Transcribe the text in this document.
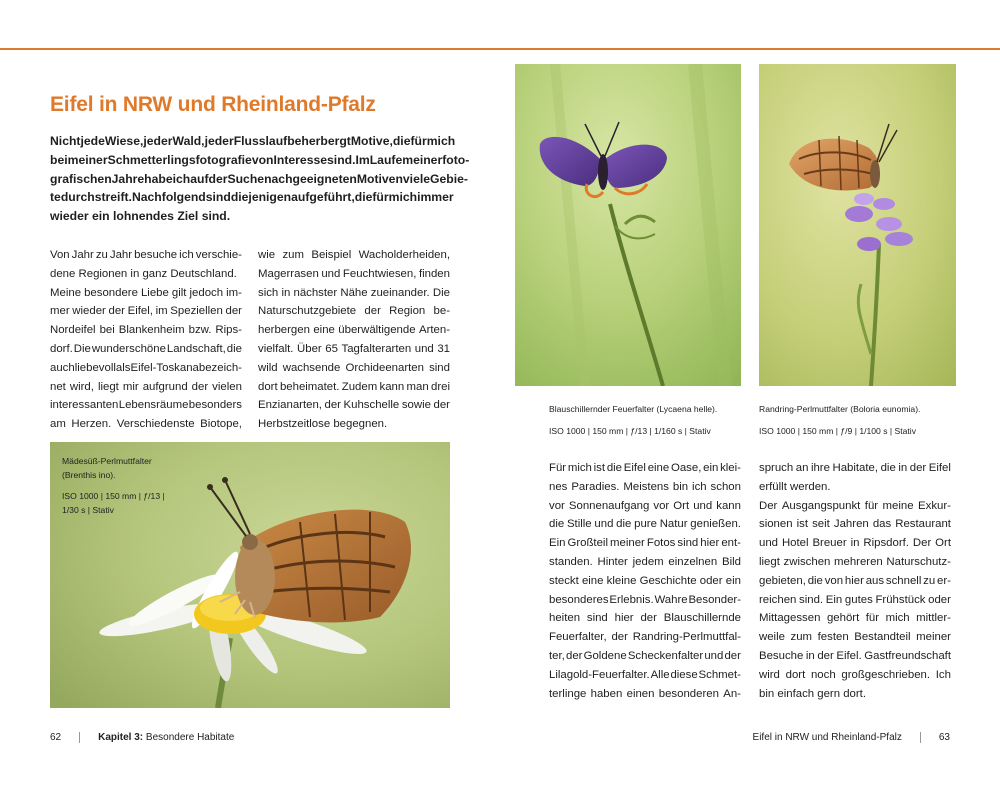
Eifel in NRW und Rheinland-Pfalz
Nicht jede Wiese, jeder Wald, jeder Flusslauf beherbergt Motive, die für mich
bei meiner Schmetterlingsfotografie von Interesse sind. Im Laufe meiner foto-
grafischen Jahre habe ich auf der Suche nach geeigneten Motiven viele Gebie-
te durchstreift. Nachfolgend sind diejenigen aufgeführt, die für mich immer
wieder ein lohnendes Ziel sind.
Von Jahr zu Jahr besuche ich verschie-
dene Regionen in ganz Deutschland.
Meine besondere Liebe gilt jedoch im-
mer wieder der Eifel, im Speziellen der
Nordeifel bei Blankenheim bzw. Rips-
dorf. Die wunderschöne Landschaft, die
auch liebevoll als Eifel-Toskana bezeich-
net wird, liegt mir aufgrund der vielen
interessanten Lebensräume besonders
am Herzen. Verschiedenste Biotope,
wie zum Beispiel Wacholderheiden,
Magerrasen und Feuchtwiesen, finden
sich in nächster Nähe zueinander. Die
Naturschutzgebiete der Region be-
herbergen eine überwältigende Arten-
vielfalt. Über 65 Tagfalterarten und 31
wild wachsende Orchideenarten sind
dort beheimatet. Zudem kann man drei
Enzianarten, der Kuhschelle sowie der
Herbstzeitlose begegnen.
Mädesüß-Perlmuttfalter
(Brenthis ino).
ISO 1000 | 150 mm | ƒ/13 |
1/30 s | Stativ
Blauschillernder Feuerfalter (Lycaena helle).
ISO 1000 | 150 mm | ƒ/13 | 1/160 s | Stativ
Randring-Perlmuttfalter (Boloria eunomia).
ISO 1000 | 150 mm | ƒ/9 | 1/100 s | Stativ
Für mich ist die Eifel eine Oase, ein klei-
nes Paradies. Meistens bin ich schon
vor Sonnenaufgang vor Ort und kann
die Stille und die pure Natur genießen.
Ein Großteil meiner Fotos sind hier ent-
standen. Hinter jedem einzelnen Bild
steckt eine kleine Geschichte oder ein
besonderes Erlebnis. Wahre Besonder-
heiten sind hier der Blauschillernde
Feuerfalter, der Randring-Perlmuttfal-
ter, der Goldene Scheckenfalter und der
Lilagold-Feuerfalter. Alle diese Schmet-
terlinge haben einen besonderen An-
spruch an ihre Habitate, die in der Eifel
erfüllt werden.
Der Ausgangspunkt für meine Exkur-
sionen ist seit Jahren das Restaurant
und Hotel Breuer in Ripsdorf. Der Ort
liegt zwischen mehreren Naturschutz-
gebieten, die von hier aus schnell zu er-
reichen sind. Ein gutes Frühstück oder
Mittagessen gehört für mich mittler-
weile zum festen Bestandteil meiner
Besuche in der Eifel. Gastfreundschaft
wird dort noch großgeschrieben. Ich
bin einfach gern dort.
62	Kapitel 3:
Besondere Habitate	Eifel in NRW und Rheinland-Pfalz	63
